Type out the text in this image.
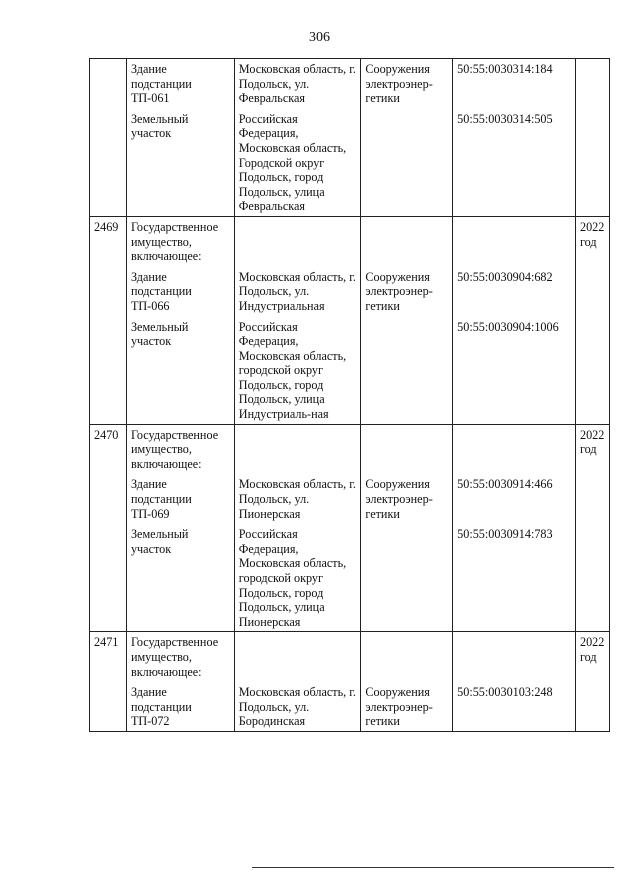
306
	Здание подстанции ТП-061	Московская область, г. Подольск, ул. Февральская	Сооружения электроэнер-гетики	50:55:0030314:184	
	Земельный участок	Российская Федерация, Московская область, Городской округ Подольск, город Подольск, улица Февральская		50:55:0030314:505	
2469	Государственное имущество, включающее:				2022 год
	Здание подстанции ТП-066	Московская область, г. Подольск, ул. Индустриальная	Сооружения электроэнер-гетики	50:55:0030904:682	
	Земельный участок	Российская Федерация, Московская область, городской округ Подольск, город Подольск, улица Индустриаль-ная		50:55:0030904:1006	
2470	Государственное имущество, включающее:				2022 год
	Здание подстанции ТП-069	Московская область, г. Подольск, ул. Пионерская	Сооружения электроэнер-гетики	50:55:0030914:466	
	Земельный участок	Российская Федерация, Московская область, городской округ Подольск, город Подольск, улица Пионерская		50:55:0030914:783	
2471	Государственное имущество, включающее:				2022 год
	Здание подстанции ТП-072	Московская область, г. Подольск, ул. Бородинская	Сооружения электроэнер-гетики	50:55:0030103:248	
